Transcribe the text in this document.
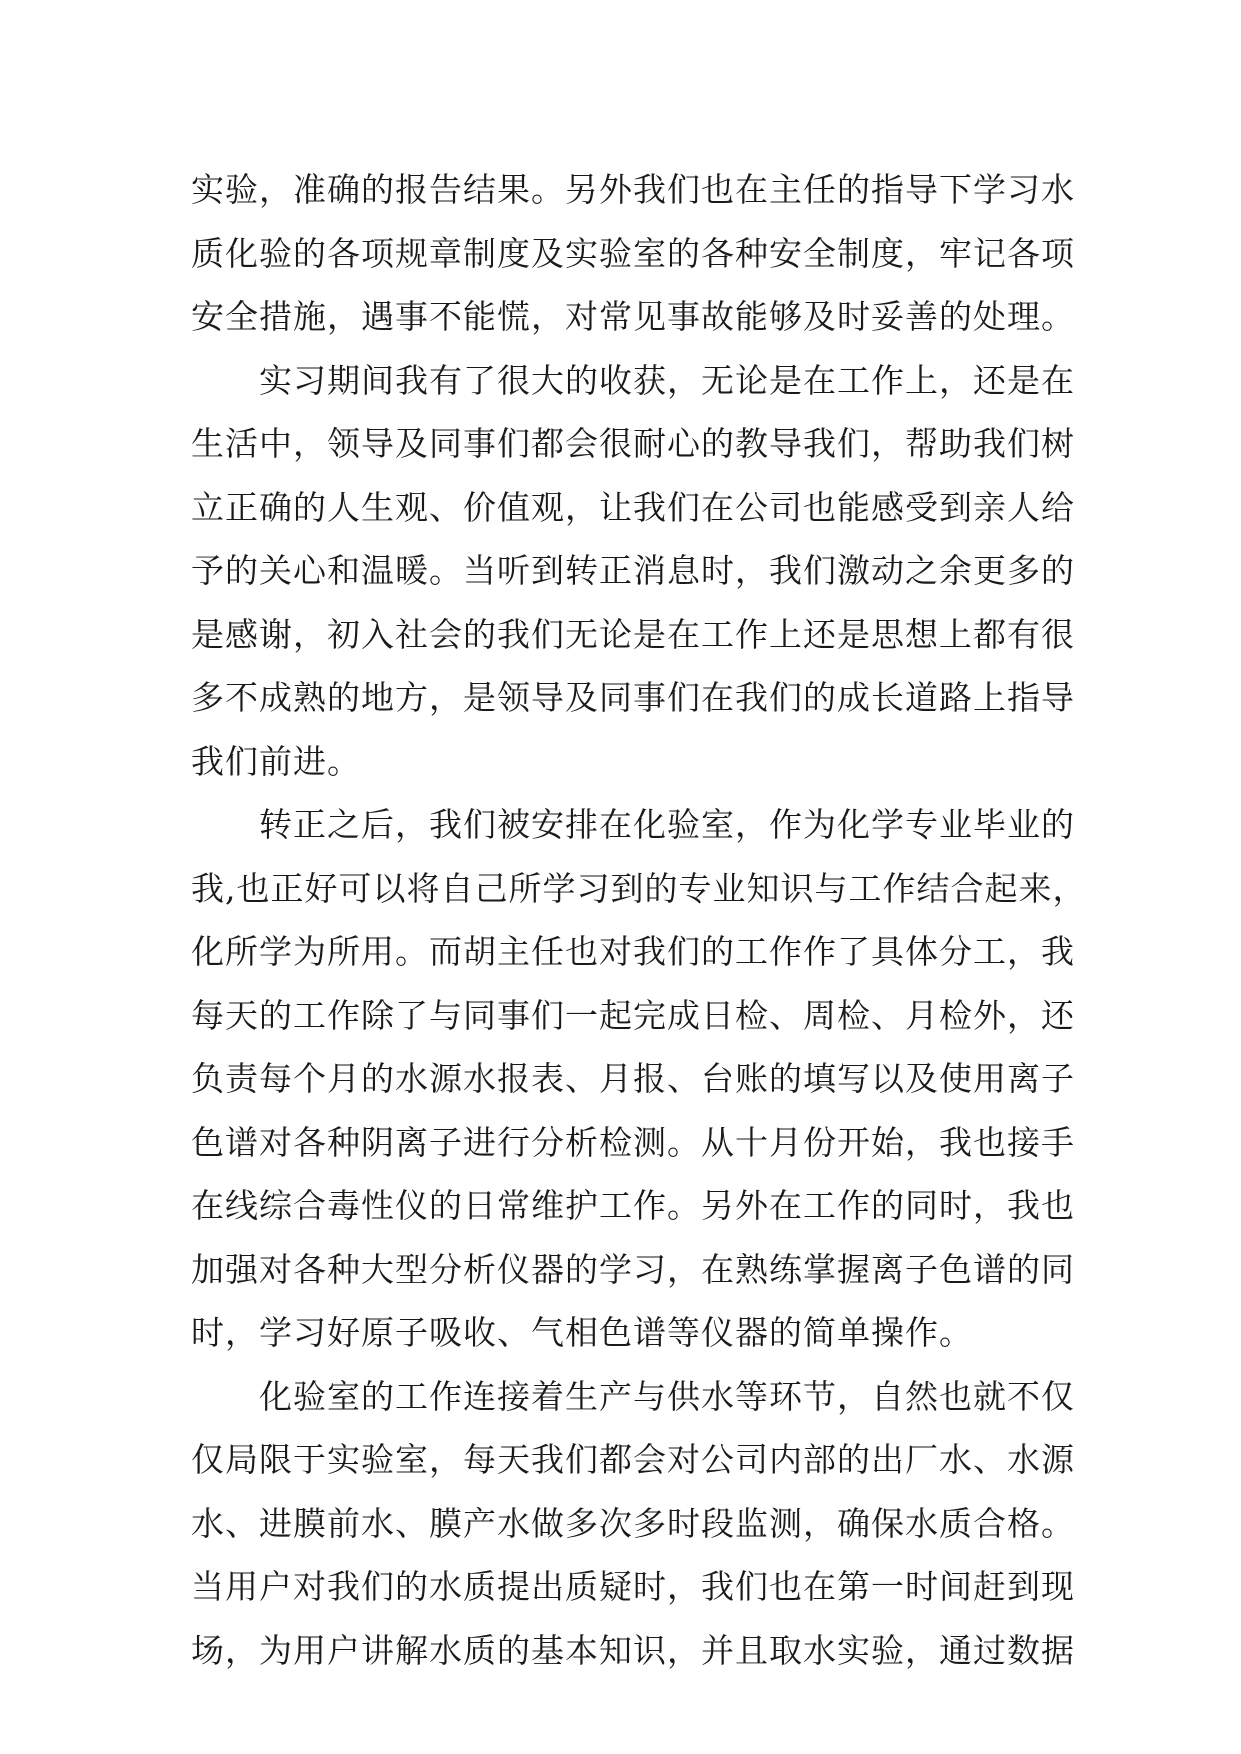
实验，准确的报告结果。另外我们也在主任的指导下学习水
质化验的各项规章制度及实验室的各种安全制度，牢记各项
安全措施，遇事不能慌，对常见事故能够及时妥善的处理。
实习期间我有了很大的收获，无论是在工作上，还是在
生活中，领导及同事们都会很耐心的教导我们，帮助我们树
立正确的人生观、价值观，让我们在公司也能感受到亲人给
予的关心和温暖。当听到转正消息时，我们激动之余更多的
是感谢，初入社会的我们无论是在工作上还是思想上都有很
多不成熟的地方，是领导及同事们在我们的成长道路上指导
我们前进。
转正之后，我们被安排在化验室，作为化学专业毕业的
我,也正好可以将自己所学习到的专业知识与工作结合起来，
化所学为所用。而胡主任也对我们的工作作了具体分工，我
每天的工作除了与同事们一起完成日检、周检、月检外，还
负责每个月的水源水报表、月报、台账的填写以及使用离子
色谱对各种阴离子进行分析检测。从十月份开始，我也接手
在线综合毒性仪的日常维护工作。另外在工作的同时，我也
加强对各种大型分析仪器的学习，在熟练掌握离子色谱的同
时，学习好原子吸收、气相色谱等仪器的简单操作。
化验室的工作连接着生产与供水等环节，自然也就不仅
仅局限于实验室，每天我们都会对公司内部的出厂水、水源
水、进膜前水、膜产水做多次多时段监测，确保水质合格。
当用户对我们的水质提出质疑时，我们也在第一时间赶到现
场，为用户讲解水质的基本知识，并且取水实验，通过数据
